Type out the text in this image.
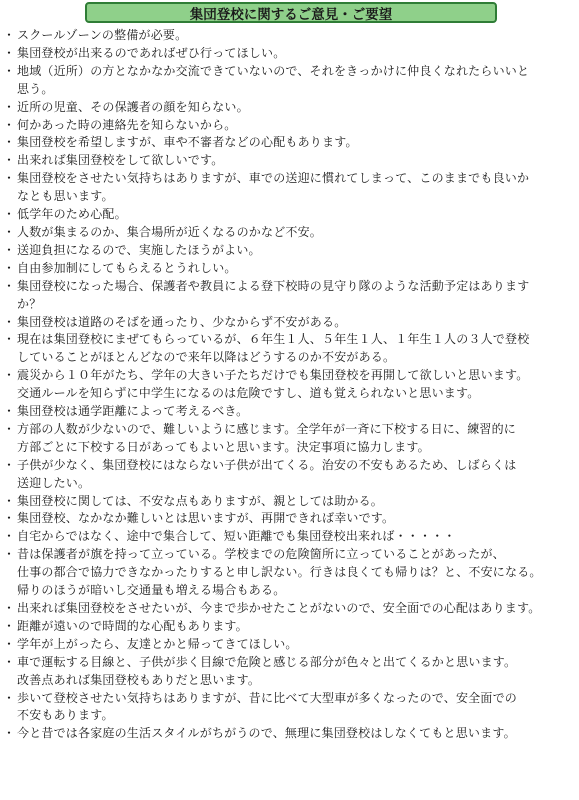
集団登校に関するご意見・ご要望
・ スクールゾーンの整備が必要。
・ 集団登校が出来るのであればぜひ行ってほしい。
・ 地域（近所）の方となかなか交流できていないので、それをきっかけに仲良くなれたらいいと
思う。
・ 近所の児童、その保護者の顔を知らない。
・ 何かあった時の連絡先を知らないから。
・ 集団登校を希望しますが、車や不審者などの心配もあります。
・ 出来れば集団登校をして欲しいです。
・ 集団登校をさせたい気持ちはありますが、車での送迎に慣れてしまって、このままでも良いか
なとも思います。
・ 低学年のため心配。
・ 人数が集まるのか、集合場所が近くなるのかなど不安。
・ 送迎負担になるので、実施したほうがよい。
・ 自由参加制にしてもらえるとうれしい。
・ 集団登校になった場合、保護者や教員による登下校時の見守り隊のような活動予定はあります
か？
・ 集団登校は道路のそばを通ったり、少なからず不安がある。
・ 現在は集団登校にまぜてもらっているが、６年生１人、５年生１人、１年生１人の３人で登校
していることがほとんどなので来年以降はどうするのか不安がある。
・ 震災から１０年がたち、学年の大きい子たちだけでも集団登校を再開して欲しいと思います。
交通ルールを知らずに中学生になるのは危険ですし、道も覚えられないと思います。
・ 集団登校は通学距離によって考えるべき。
・ 方部の人数が少ないので、難しいように感じます。全学年が一斉に下校する日に、練習的に
方部ごとに下校する日があってもよいと思います。決定事項に協力します。
・ 子供が少なく、集団登校にはならない子供が出てくる。治安の不安もあるため、しばらくは
送迎したい。
・ 集団登校に関しては、不安な点もありますが、親としては助かる。
・ 集団登校、なかなか難しいとは思いますが、再開できれば幸いです。
・ 自宅からではなく、途中で集合して、短い距離でも集団登校出来れば・・・・・
・ 昔は保護者が旗を持って立っている。学校までの危険箇所に立っていることがあったが、
仕事の都合で協力できなかったりすると申し訳ない。行きは良くても帰りは？と、不安になる。
帰りのほうが暗いし交通量も増える場合もある。
・ 出来れば集団登校をさせたいが、今まで歩かせたことがないので、安全面での心配はあります。
・ 距離が遠いので時間的な心配もあります。
・ 学年が上がったら、友達とかと帰ってきてほしい。
・ 車で運転する目線と、子供が歩く目線で危険と感じる部分が色々と出てくるかと思います。
改善点あれば集団登校もありだと思います。
・ 歩いて登校させたい気持ちはありますが、昔に比べて大型車が多くなったので、安全面での
不安もあります。
・ 今と昔では各家庭の生活スタイルがちがうので、無理に集団登校はしなくてもと思います。
